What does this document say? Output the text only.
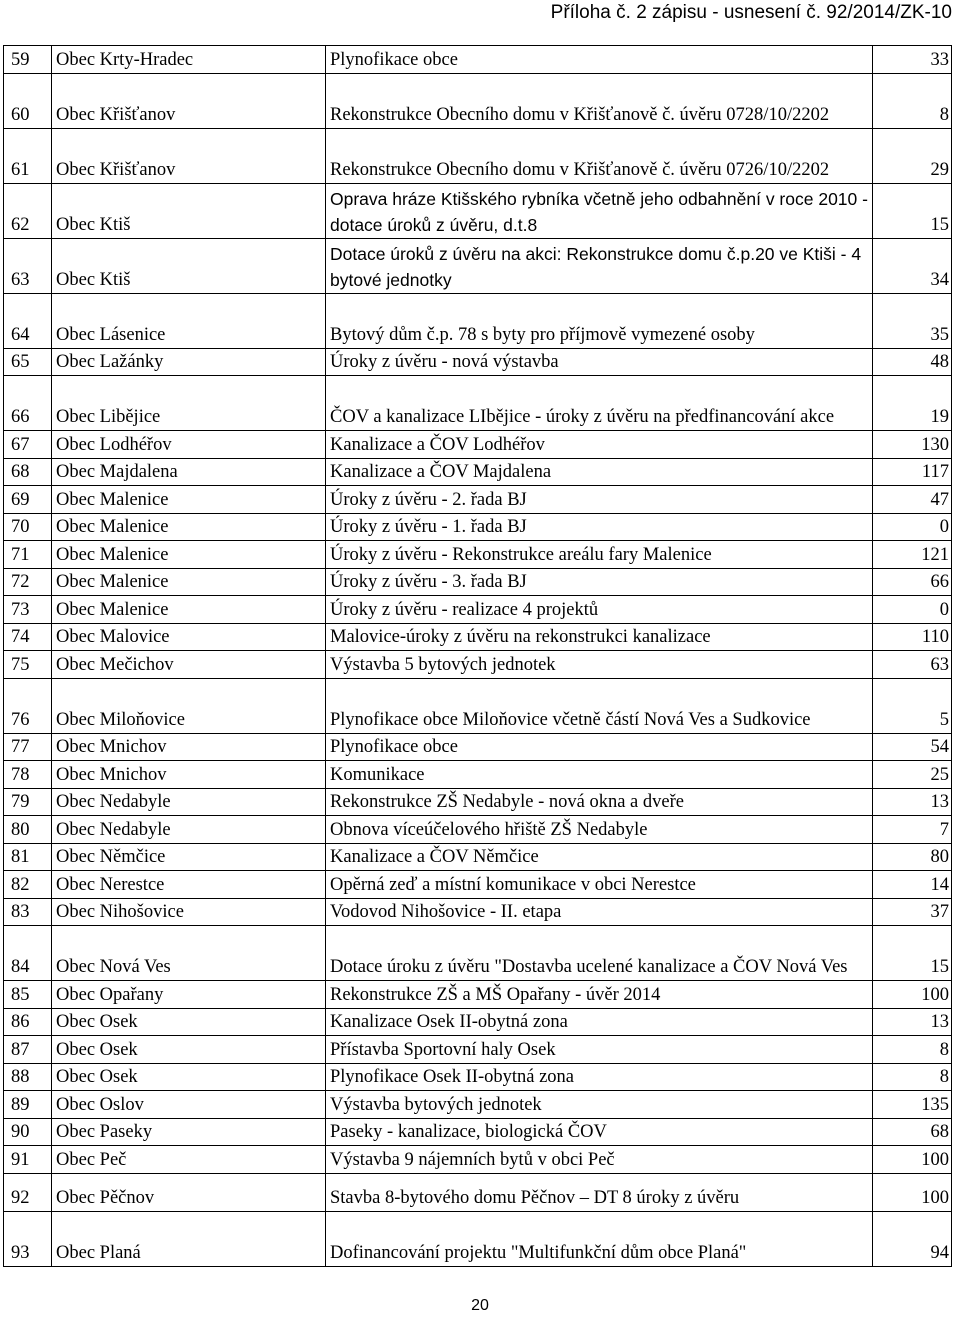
Příloha č. 2 zápisu - usnesení č. 92/2014/ZK-10
59	Obec Krty-Hradec	Plynofikace obce	33
60	Obec Křišťanov	Rekonstrukce Obecního domu v Křišťanově č. úvěru 0728/10/2202	8
61	Obec Křišťanov	Rekonstrukce Obecního domu v Křišťanově č. úvěru 0726/10/2202	29
62	Obec Ktiš	Oprava hráze Ktišského rybníka včetně jeho odbahnění v roce 2010 - dotace úroků z úvěru, d.t.8	15
63	Obec Ktiš	Dotace úroků z úvěru na akci: Rekonstrukce domu č.p.20 ve Ktiši - 4 bytové jednotky	34
64	Obec Lásenice	Bytový dům č.p. 78 s byty pro příjmově vymezené osoby	35
65	Obec Lažánky	Úroky z úvěru - nová výstavba	48
66	Obec Libějice	ČOV a kanalizace LIbějice - úroky z úvěru na předfinancování akce	19
67	Obec Lodhéřov	Kanalizace a ČOV Lodhéřov	130
68	Obec Majdalena	Kanalizace a ČOV Majdalena	117
69	Obec Malenice	Úroky z úvěru - 2. řada BJ	47
70	Obec Malenice	Úroky z úvěru - 1. řada BJ	0
71	Obec Malenice	Úroky z úvěru - Rekonstrukce areálu fary Malenice	121
72	Obec Malenice	Úroky z úvěru - 3. řada BJ	66
73	Obec Malenice	Úroky z úvěru - realizace 4 projektů	0
74	Obec Malovice	Malovice-úroky z úvěru na rekonstrukci kanalizace	110
75	Obec Mečichov	Výstavba 5 bytových jednotek	63
76	Obec Miloňovice	Plynofikace obce Miloňovice včetně částí Nová Ves a Sudkovice	5
77	Obec Mnichov	Plynofikace obce	54
78	Obec Mnichov	Komunikace	25
79	Obec Nedabyle	Rekonstrukce ZŠ Nedabyle - nová okna a dveře	13
80	Obec Nedabyle	Obnova víceúčelového hřiště ZŠ Nedabyle	7
81	Obec Němčice	Kanalizace a ČOV Němčice	80
82	Obec Nerestce	Opěrná zeď a místní komunikace v obci Nerestce	14
83	Obec Nihošovice	Vodovod Nihošovice - II. etapa	37
84	Obec Nová Ves	Dotace úroku z úvěru "Dostavba ucelené kanalizace a ČOV Nová Ves	15
85	Obec Opařany	Rekonstrukce ZŠ a MŠ Opařany - úvěr 2014	100
86	Obec Osek	Kanalizace Osek II-obytná zona	13
87	Obec Osek	Přístavba Sportovní haly Osek	8
88	Obec Osek	Plynofikace Osek II-obytná zona	8
89	Obec Oslov	Výstavba bytových jednotek	135
90	Obec Paseky	Paseky - kanalizace, biologická ČOV	68
91	Obec Peč	Výstavba 9 nájemních bytů v obci Peč	100
92	Obec Pěčnov	Stavba 8-bytového domu Pěčnov – DT 8 úroky z úvěru	100
93	Obec Planá	Dofinancování projektu "Multifunkční dům obce Planá"	94
20
